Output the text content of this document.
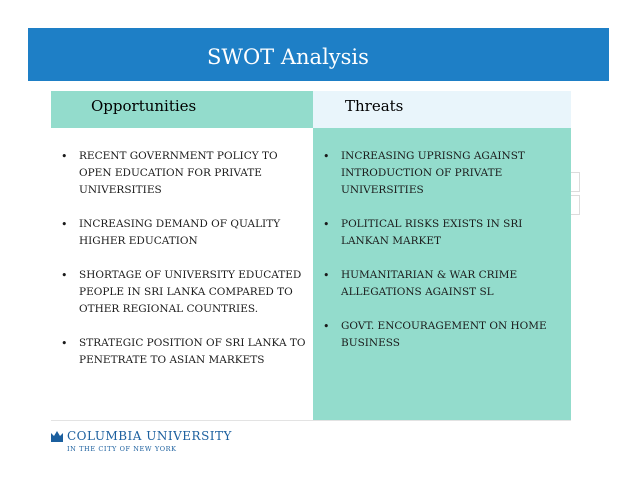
SWOT Analysis
Opportunities	Threats
• RECENT GOVERNMENT POLICY TO OPEN EDUCATION FOR PRIVATE UNIVERSITIES
• INCREASING DEMAND OF QUALITY HIGHER EDUCATION
• SHORTAGE OF UNIVERSITY EDUCATED PEOPLE IN SRI LANKA COMPARED TO OTHER REGIONAL COUNTRIES.
• STRATEGIC POSITION OF SRI LANKA TO PENETRATE TO ASIAN MARKETS
• INCREASING UPRISNG AGAINST INTRODUCTION OF PRIVATE UNIVERSITIES
• POLITICAL RISKS EXISTS IN SRI LANKAN MARKET
• HUMANITARIAN & WAR CRIME ALLEGATIONS AGAINST SL
• GOVT. ENCOURAGEMENT ON HOME BUSINESS
COLUMBIA UNIVERSITY
IN THE CITY OF NEW YORK
